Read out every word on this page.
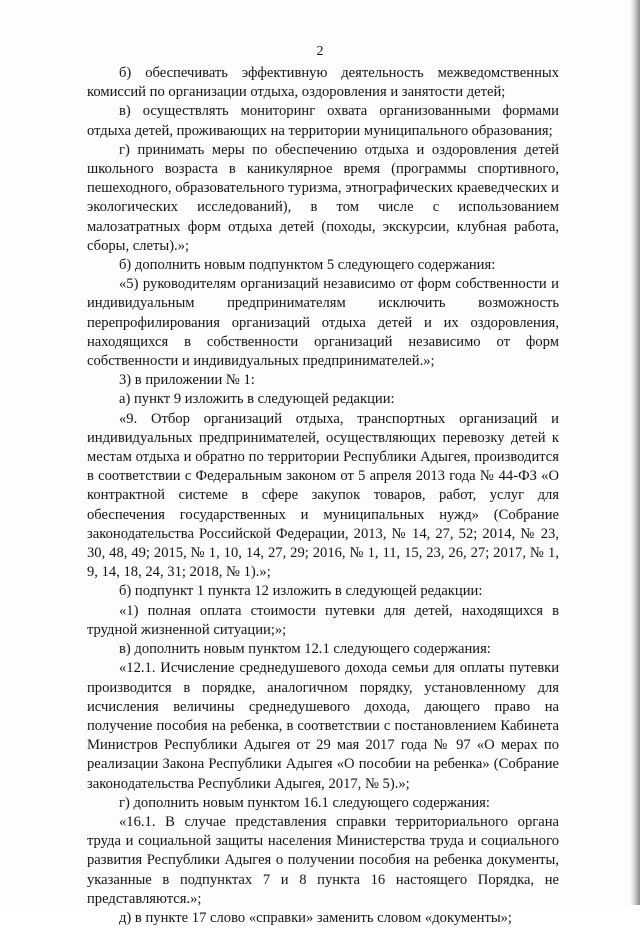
2

б) обеспечивать эффективную деятельность межведомственных комиссий по организации отдыха, оздоровления и занятости детей;

в) осуществлять мониторинг охвата организованными формами отдыха детей, проживающих на территории муниципального образования;

г) принимать меры по обеспечению отдыха и оздоровления детей школьного возраста в каникулярное время (программы спортивного, пешеходного, образовательного туризма, этнографических краеведческих и экологических исследований), в том числе с использованием малозатратных форм отдыха детей (походы, экскурсии, клубная работа, сборы, слеты).»;

б) дополнить новым подпунктом 5 следующего содержания:

«5) руководителям организаций независимо от форм собственности и индивидуальным предпринимателям исключить возможность перепрофилирования организаций отдыха детей и их оздоровления, находящихся в собственности организаций независимо от форм собственности и индивидуальных предпринимателей.»;

3) в приложении № 1:

а) пункт 9 изложить в следующей редакции:

«9. Отбор организаций отдыха, транспортных организаций и индивидуальных предпринимателей, осуществляющих перевозку детей к местам отдыха и обратно по территории Республики Адыгея, производится в соответствии с Федеральным законом от 5 апреля 2013 года № 44-ФЗ «О контрактной системе в сфере закупок товаров, работ, услуг для обеспечения государственных и муниципальных нужд» (Собрание законодательства Российской Федерации, 2013, № 14, 27, 52; 2014, № 23, 30, 48, 49; 2015, № 1, 10, 14, 27, 29; 2016, № 1, 11, 15, 23, 26, 27; 2017, № 1, 9, 14, 18, 24, 31; 2018, № 1).»;

б) подпункт 1 пункта 12 изложить в следующей редакции:

«1) полная оплата стоимости путевки для детей, находящихся в трудной жизненной ситуации;»;

в) дополнить новым пунктом 12.1 следующего содержания:

«12.1. Исчисление среднедушевого дохода семьи для оплаты путевки производится в порядке, аналогичном порядку, установленному для исчисления величины среднедушевого дохода, дающего право на получение пособия на ребенка, в соответствии с постановлением Кабинета Министров Республики Адыгея от 29 мая 2017 года № 97 «О мерах по реализации Закона Республики Адыгея «О пособии на ребенка» (Собрание законодательства Республики Адыгея, 2017, № 5).»;

г) дополнить новым пунктом 16.1 следующего содержания:

«16.1. В случае представления справки территориального органа труда и социальной защиты населения Министерства труда и социального развития Республики Адыгея о получении пособия на ребенка документы, указанные в подпунктах 7 и 8 пункта 16 настоящего Порядка, не представляются.»;

д) в пункте 17 слово «справки» заменить словом «документы»;
